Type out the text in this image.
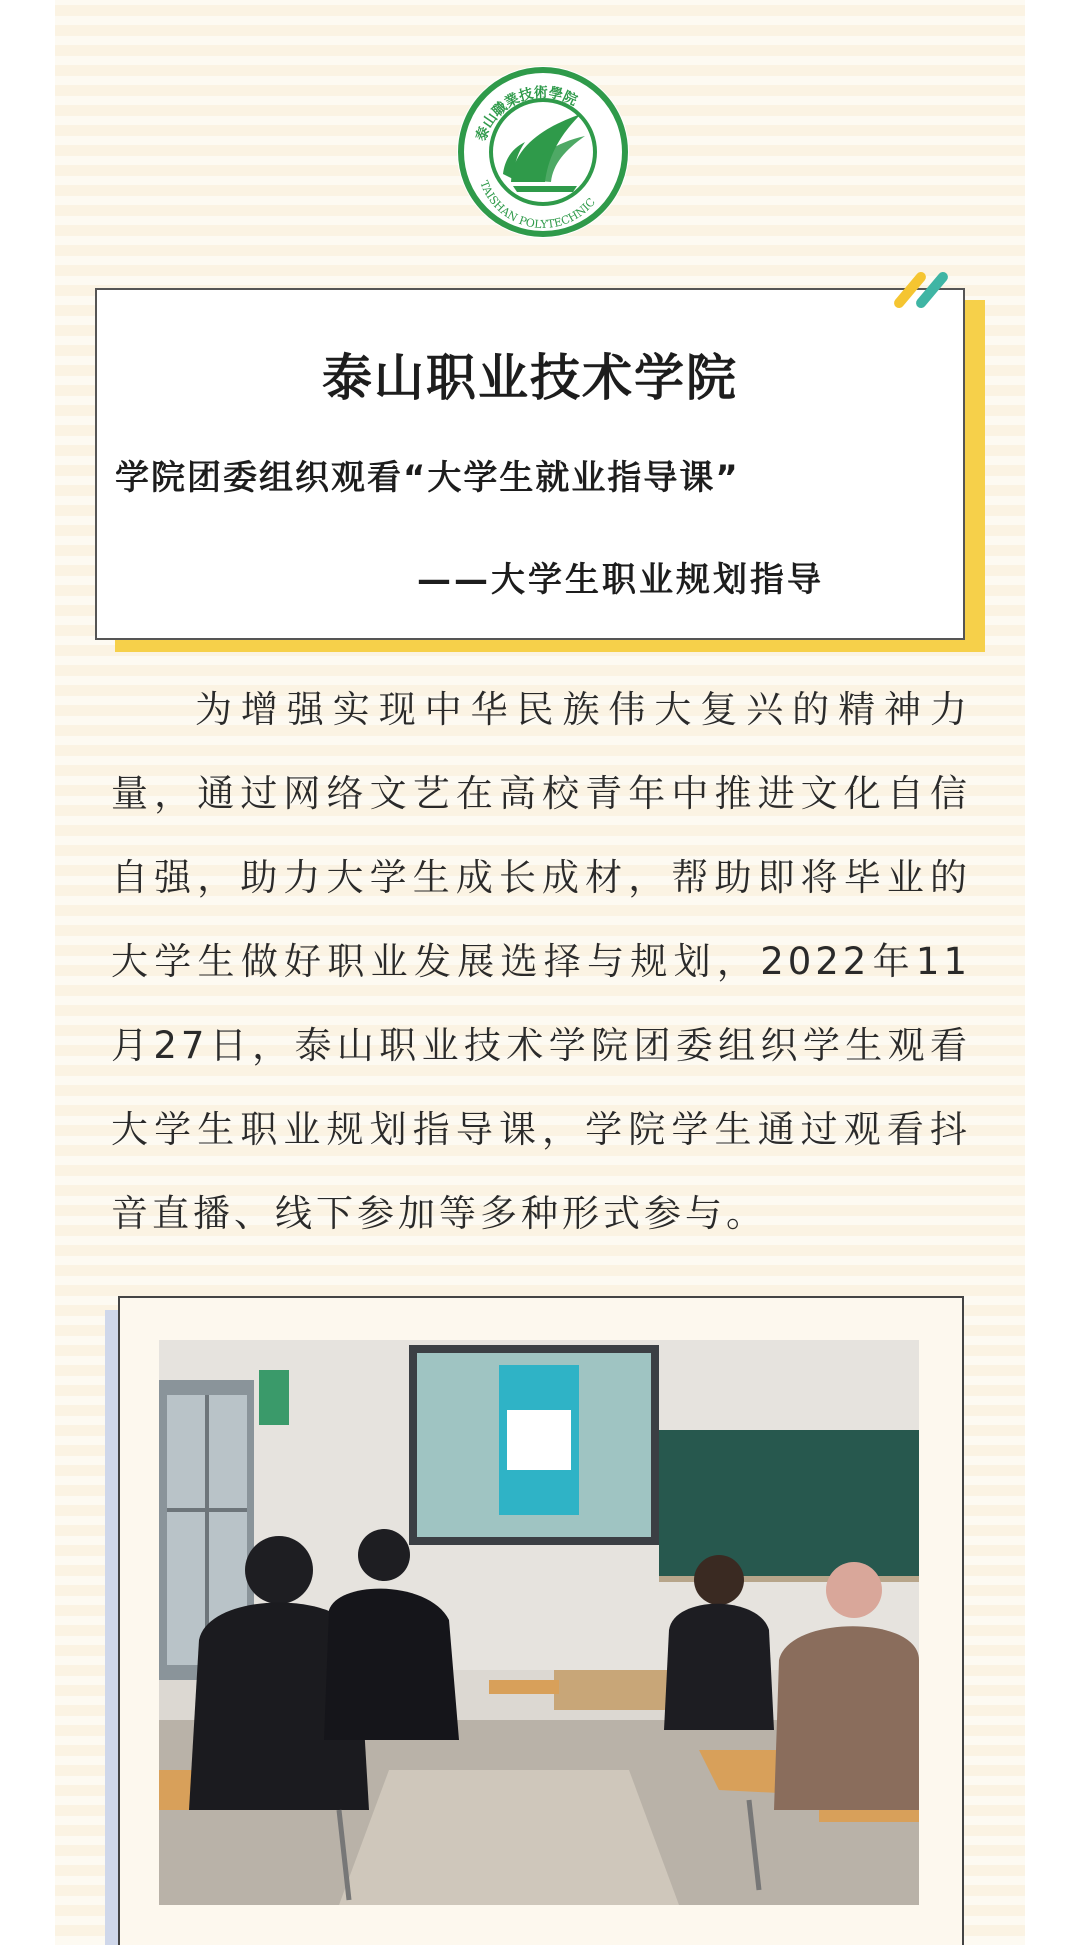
泰山職業技術學院
TAISHAN POLYTECHNIC
泰山职业技术学院
学院团委组织观看“大学生就业指导课”
——大学生职业规划指导
为增强实现中华民族伟大复兴的精神力量，通过网络文艺在高校青年中推进文化自信自强，助力大学生成长成材，帮助即将毕业的大学生做好职业发展选择与规划，2022年11月27日，泰山职业技术学院团委组织学生观看大学生职业规划指导课，学院学生通过观看抖音直播、线下参加等多种形式参与。
